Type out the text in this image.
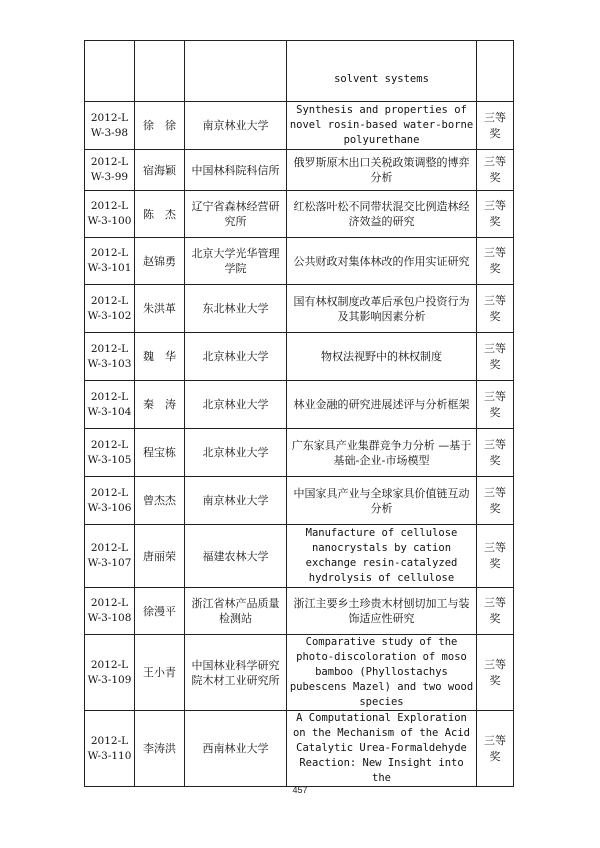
			solvent systems	
2012-LW-3-98	徐　徐	南京林业大学	Synthesis and properties of novel rosin-based water-borne polyurethane	三等奖
2012-LW-3-99	宿海颖	中国林科院科信所	俄罗斯原木出口关税政策调整的博弈分析	三等奖
2012-LW-3-100	陈　杰	辽宁省森林经营研究所	红松落叶松不同带状混交比例造林经济效益的研究	三等奖
2012-LW-3-101	赵锦勇	北京大学光华管理学院	公共财政对集体林改的作用实证研究	三等奖
2012-LW-3-102	朱洪革	东北林业大学	国有林权制度改革后承包户投资行为及其影响因素分析	三等奖
2012-LW-3-103	魏　华	北京林业大学	物权法视野中的林权制度	三等奖
2012-LW-3-104	秦　涛	北京林业大学	林业金融的研究进展述评与分析框架	三等奖
2012-LW-3-105	程宝栋	北京林业大学	广东家具产业集群竞争力分析 —基于基础-企业-市场模型	三等奖
2012-LW-3-106	曾杰杰	南京林业大学	中国家具产业与全球家具价值链互动分析	三等奖
2012-LW-3-107	唐丽荣	福建农林大学	Manufacture of cellulose nanocrystals by cation exchange resin-catalyzed hydrolysis of cellulose	三等奖
2012-LW-3-108	徐漫平	浙江省林产品质量检测站	浙江主要乡土珍贵木材刨切加工与装饰适应性研究	三等奖
2012-LW-3-109	王小青	中国林业科学研究院木材工业研究所	Comparative study of the photo-discoloration of moso bamboo (Phyllostachys pubescens Mazel) and two wood species	三等奖
2012-LW-3-110	李涛洪	西南林业大学	A Computational Exploration on the Mechanism of the Acid Catalytic Urea-Formaldehyde Reaction: New Insight into the	三等奖
457
